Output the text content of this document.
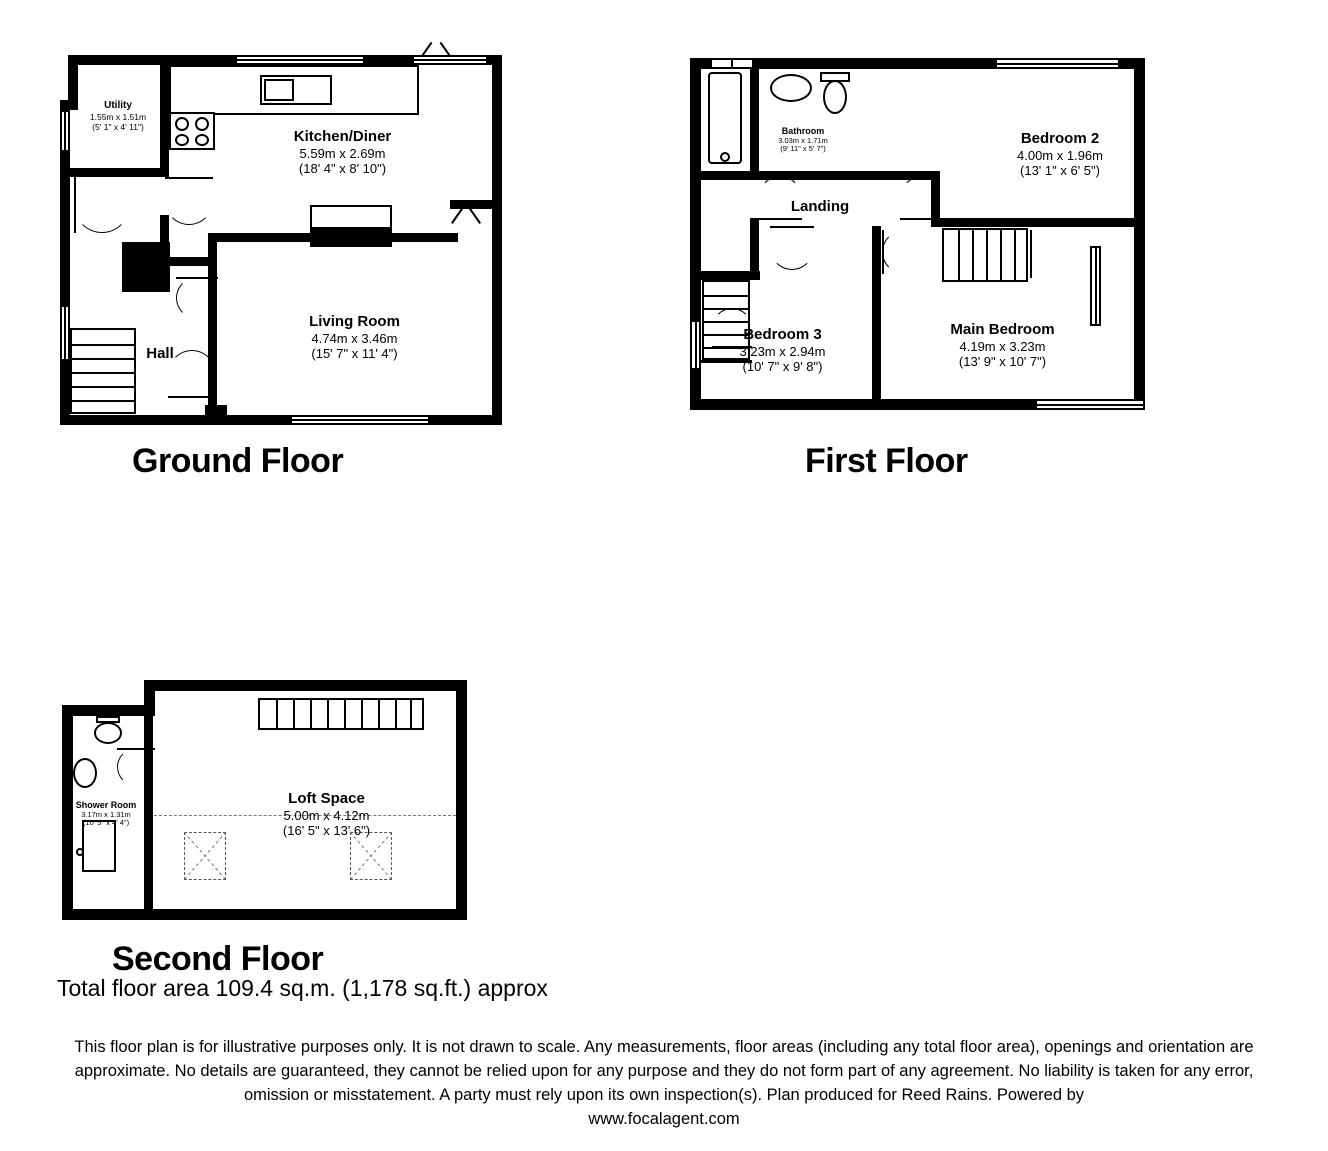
Utility
1.55m x 1.51m
(5' 1" x 4' 11")
Kitchen/Diner
5.59m x 2.69m
(18' 4" x 8' 10")
Living Room
4.74m x 3.46m
(15' 7" x 11' 4")
Hall
Ground Floor
Bathroom
3.03m x 1.71m
(9' 11" x 5' 7")
Bedroom 2
4.00m x 1.96m
(13' 1" x 6' 5")
Landing
Bedroom 3
3.23m x 2.94m
(10' 7" x 9' 8")
Main Bedroom
4.19m x 3.23m
(13' 9" x 10' 7")
First Floor
Shower Room
3.17m x 1.31m
(10' 5" x 4' 4")
Loft Space
5.00m x 4.12m
(16' 5" x 13' 6")
Second Floor
Total floor area 109.4 sq.m. (1,178 sq.ft.) approx
This floor plan is for illustrative purposes only. It is not drawn to scale. Any measurements, floor areas (including any total floor area), openings and orientation are approximate. No details are guaranteed, they cannot be relied upon for any purpose and they do not form part of any agreement. No liability is taken for any error, omission or misstatement. A party must rely upon its own inspection(s). Plan produced for Reed Rains. Powered by
www.focalagent.com
